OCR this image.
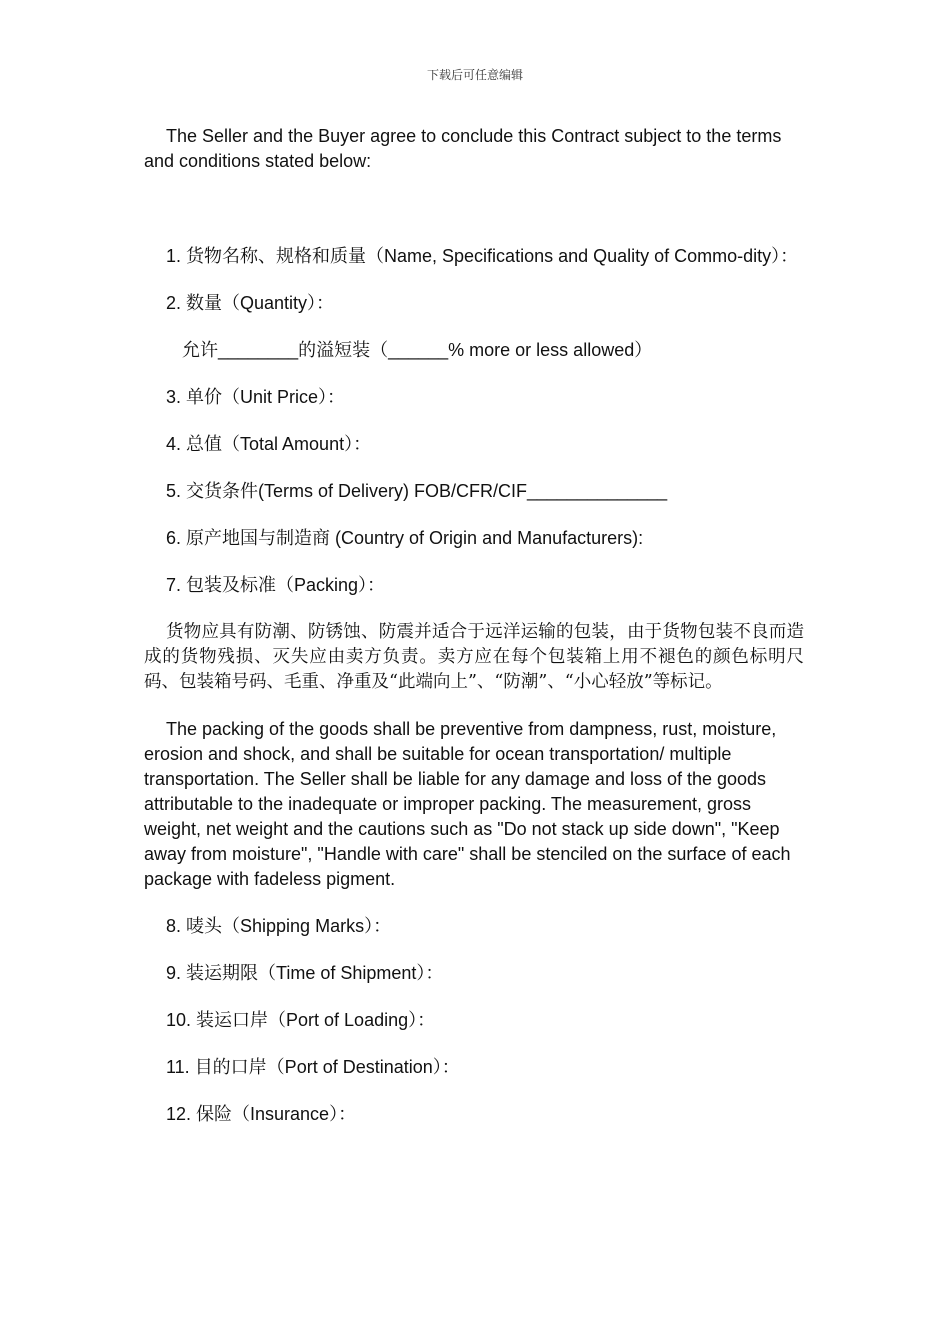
下载后可任意编辑

The Seller and the Buyer agree to conclude this Contract subject to the terms and conditions stated below:

1. 货物名称、规格和质量（Name, Specifications and Quality of Commo-dity）：

2. 数量（Quantity）：

允许________的溢短装（______% more or less allowed）

3. 单价（Unit Price）：

4. 总值（Total Amount）：

5. 交货条件(Terms of Delivery) FOB/CFR/CIF______________

6. 原产地国与制造商 (Country of Origin and Manufacturers):

7. 包装及标准（Packing）：

货物应具有防潮、防锈蚀、防震并适合于远洋运输的包装，由于货物包装不良而造成的货物残损、灭失应由卖方负责。卖方应在每个包装箱上用不褪色的颜色标明尺码、包装箱号码、毛重、净重及“此端向上”、“防潮”、“小心轻放”等标记。

The packing of the goods shall be preventive from dampness, rust, moisture, erosion and shock, and shall be suitable for ocean transportation/ multiple transportation. The Seller shall be liable for any damage and loss of the goods attributable to the inadequate or improper packing. The measurement, gross weight, net weight and the cautions such as "Do not stack up side down", "Keep away from moisture", "Handle with care" shall be stenciled on the surface of each package with fadeless pigment.

8. 唛头（Shipping Marks）：

9. 装运期限（Time of Shipment）：

10. 装运口岸（Port of Loading）：

11. 目的口岸（Port of Destination）：

12. 保险（Insurance）：
